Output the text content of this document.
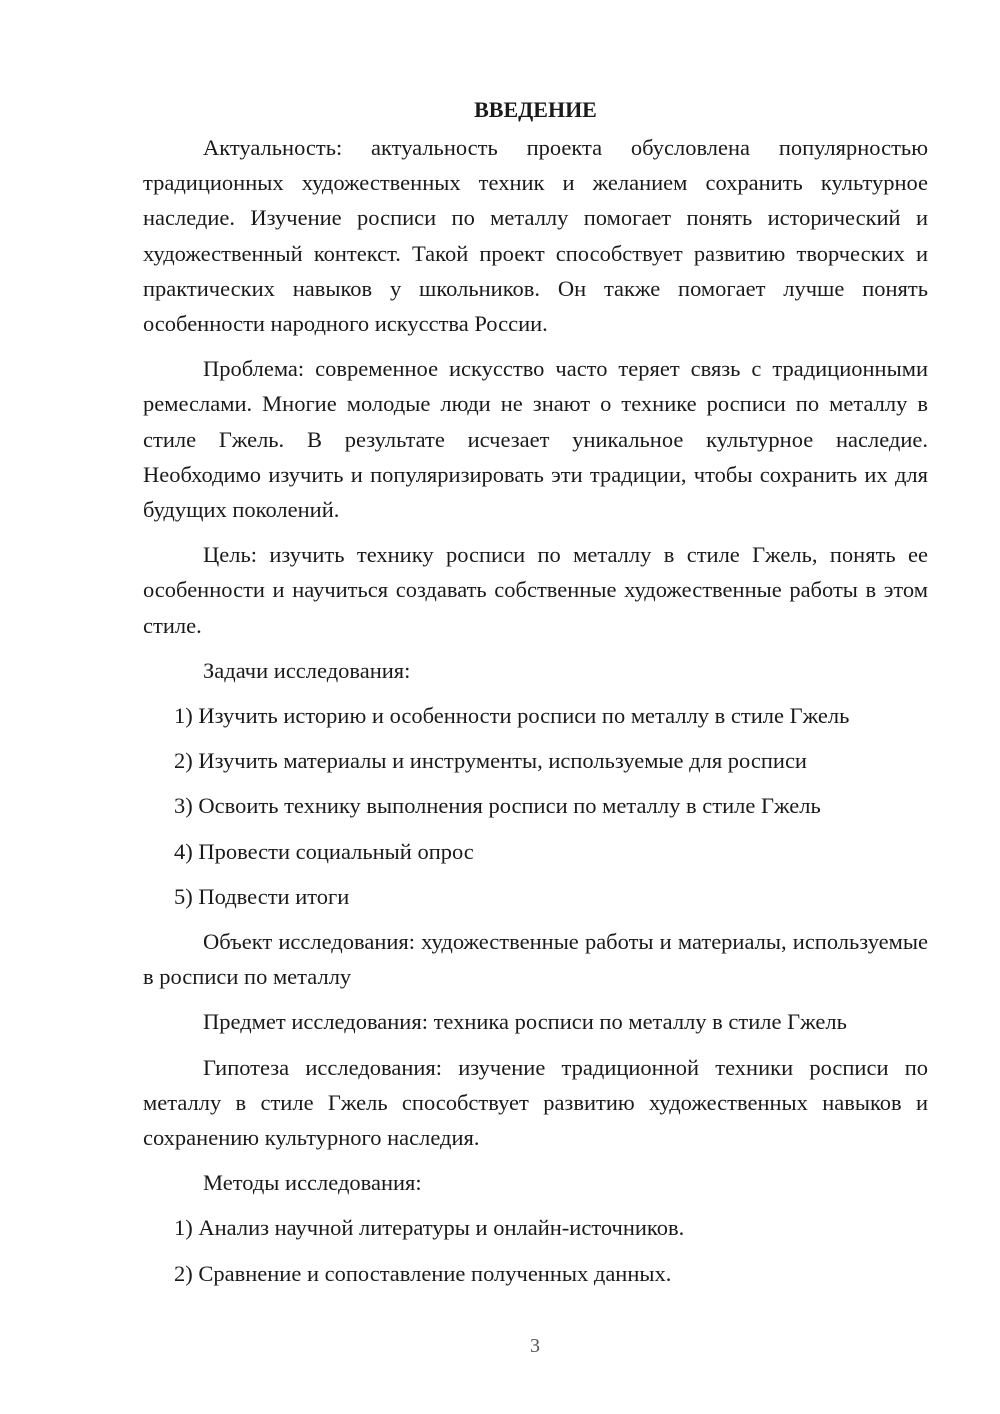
ВВЕДЕНИЕ

Актуальность: актуальность проекта обусловлена популярностью традиционных художественных техник и желанием сохранить культурное наследие. Изучение росписи по металлу помогает понять исторический и художественный контекст. Такой проект способствует развитию творческих и практических навыков у школьников. Он также помогает лучше понять особенности народного искусства России.

Проблема: современное искусство часто теряет связь с традиционными ремеслами. Многие молодые люди не знают о технике росписи по металлу в стиле Гжель. В результате исчезает уникальное культурное наследие. Необходимо изучить и популяризировать эти традиции, чтобы сохранить их для будущих поколений.

Цель: изучить технику росписи по металлу в стиле Гжель, понять ее особенности и научиться создавать собственные художественные работы в этом стиле.

Задачи исследования:

1) Изучить историю и особенности росписи по металлу в стиле Гжель
2) Изучить материалы и инструменты, используемые для росписи
3) Освоить технику выполнения росписи по металлу в стиле Гжель
4) Провести социальный опрос
5) Подвести итоги

Объект исследования: художественные работы и материалы, используемые в росписи по металлу

Предмет исследования: техника росписи по металлу в стиле Гжель

Гипотеза исследования: изучение традиционной техники росписи по металлу в стиле Гжель способствует развитию художественных навыков и сохранению культурного наследия.

Методы исследования:

1) Анализ научной литературы и онлайн-источников.
2) Сравнение и сопоставление полученных данных.
3
